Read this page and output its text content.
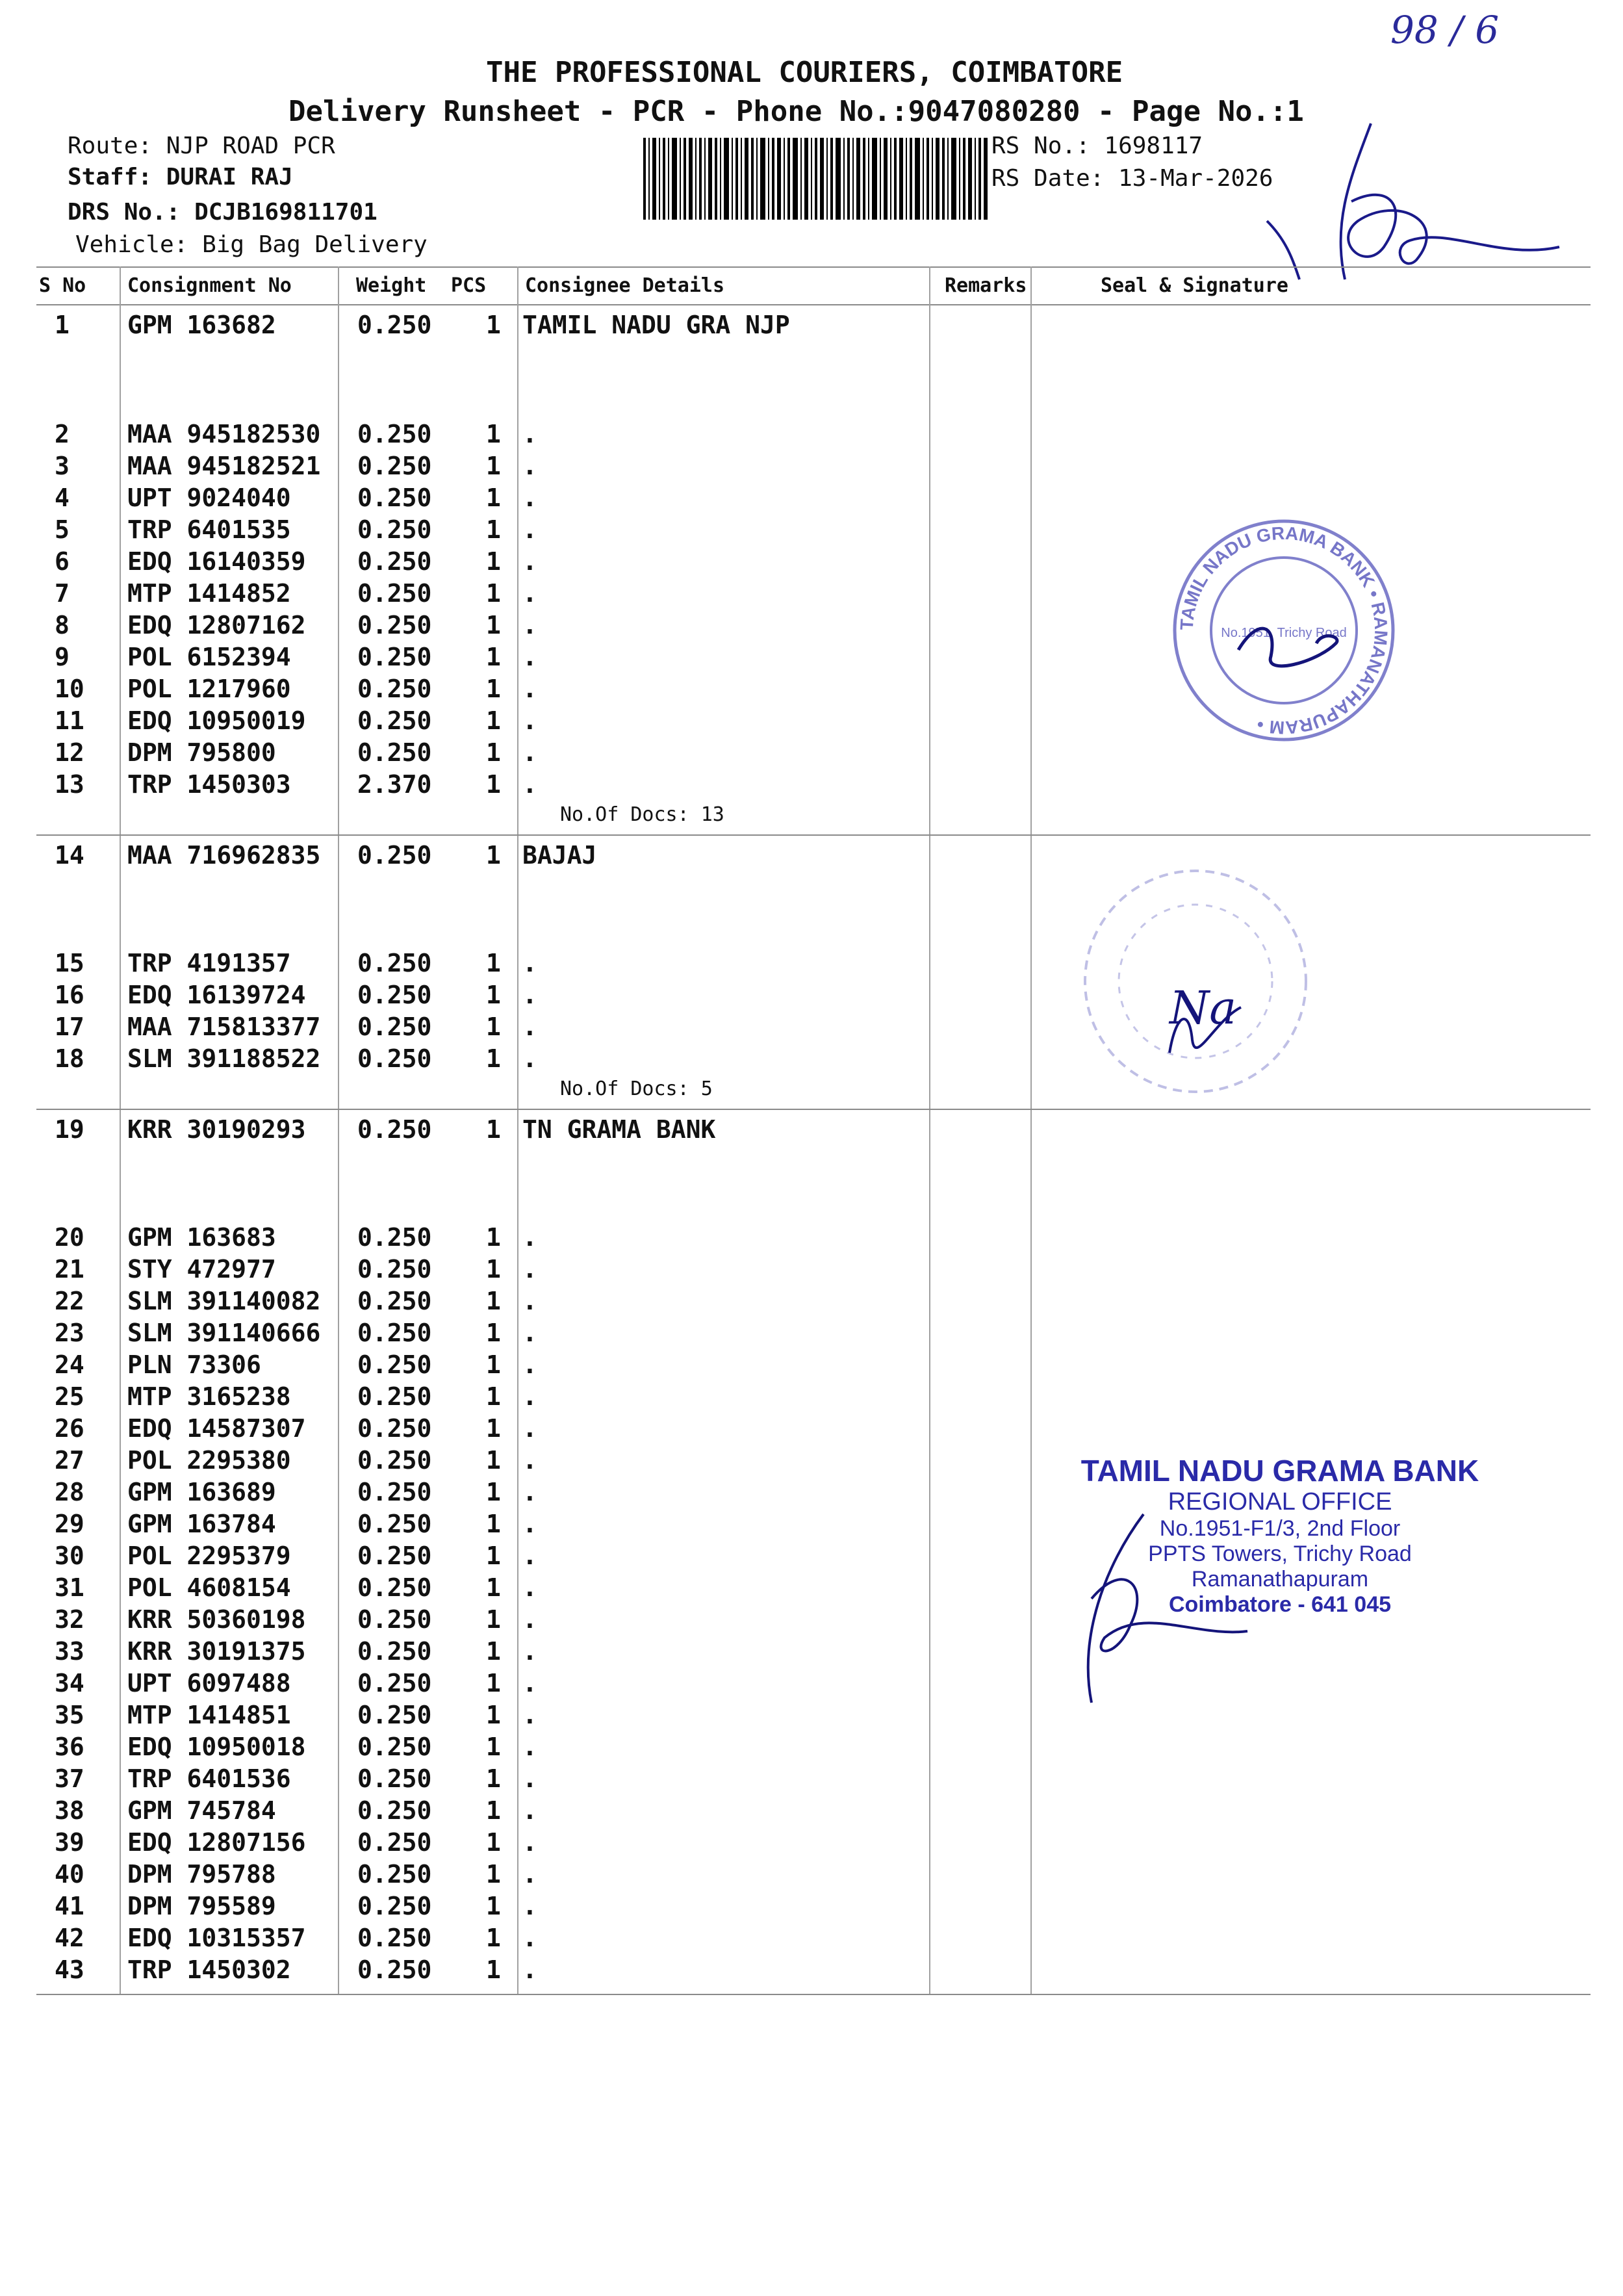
98 / 6
THE PROFESSIONAL COURIERS, COIMBATORE
Delivery Runsheet - PCR - Phone No.:9047080280 - Page No.:1
Route: NJP ROAD PCR
Staff: DURAI RAJ
DRS No.: DCJB169811701
Vehicle: Big Bag Delivery
RS No.: 1698117
RS Date: 13-Mar-2026
S No Consignment No	Weight PCS Consignee Details	Remarks	Seal & Signature
No.Of Docs: 13
No.Of Docs: 5
1 GPM 163682	0.250 1 TAMIL NADU GRA NJP
2 MAA 945182530 0.250 1 .
3 MAA 945182521 0.250 1 .
4 UPT 9024040	0.250 1 .
5 TRP 6401535	0.250 1 .
6 EDQ 16140359 0.250 1 .
7 MTP 1414852	0.250 1 .
8 EDQ 12807162 0.250 1 .
9 POL 6152394	0.250 1 .
10 POL 1217960	0.250 1 .
11 EDQ 10950019 0.250 1 .
12 DPM 795800	0.250 1 .
13 TRP 1450303	2.370 1 .
14 MAA 716962835 0.250 1 BAJAJ
15 TRP 4191357	0.250 1 .
16 EDQ 16139724 0.250 1 .
17 MAA 715813377 0.250 1 .
18 SLM 391188522 0.250 1 .
19 KRR 30190293 0.250 1 TN GRAMA BANK
20 GPM 163683	0.250 1 .
21 STY 472977	0.250 1 .
22 SLM 391140082 0.250 1 .
23 SLM 391140666 0.250 1 .
24 PLN 73306	0.250 1 .
25 MTP 3165238	0.250 1 .
26 EDQ 14587307 0.250 1 .
27 POL 2295380	0.250 1 .
28 GPM 163689	0.250 1 .
29 GPM 163784	0.250 1 .
30 POL 2295379	0.250 1 .
31 POL 4608154	0.250 1 .
32 KRR 50360198 0.250 1 .
33 KRR 30191375 0.250 1 .
34 UPT 6097488	0.250 1 .
35 MTP 1414851	0.250 1 .
36 EDQ 10950018 0.250 1 .
37 TRP 6401536	0.250 1 .
38 GPM 745784	0.250 1 .
39 EDQ 12807156 0.250 1 .
40 DPM 795788	0.250 1 .
41 DPM 795589	0.250 1 .
42 EDQ 10315357 0.250 1 .
43 TRP 1450302	0.250 1 .
TAMIL NADU GRAMA BANK • RAMANATHAPURAM •
No.1951, Trichy Road
Na
TAMIL NADU GRAMA BANK
REGIONAL OFFICE
No.1951-F1/3, 2nd Floor
PPTS Towers, Trichy Road
Ramanathapuram
Coimbatore - 641 045
